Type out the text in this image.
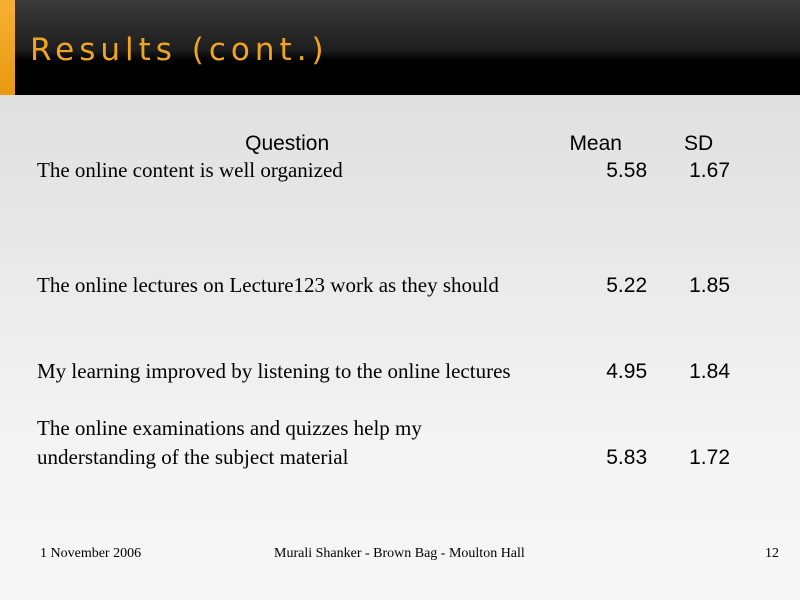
Results (cont.)
Question	Mean	SD
The online content is well organized	5.58	1.67
The online lectures on Lecture123 work as they should	5.22	1.85
My learning improved by listening to the online lectures	4.95	1.84
The online examinations and quizzes help my understanding of the subject material	5.83	1.72
1 November 2006	Murali Shanker - Brown Bag - Moulton Hall	12
